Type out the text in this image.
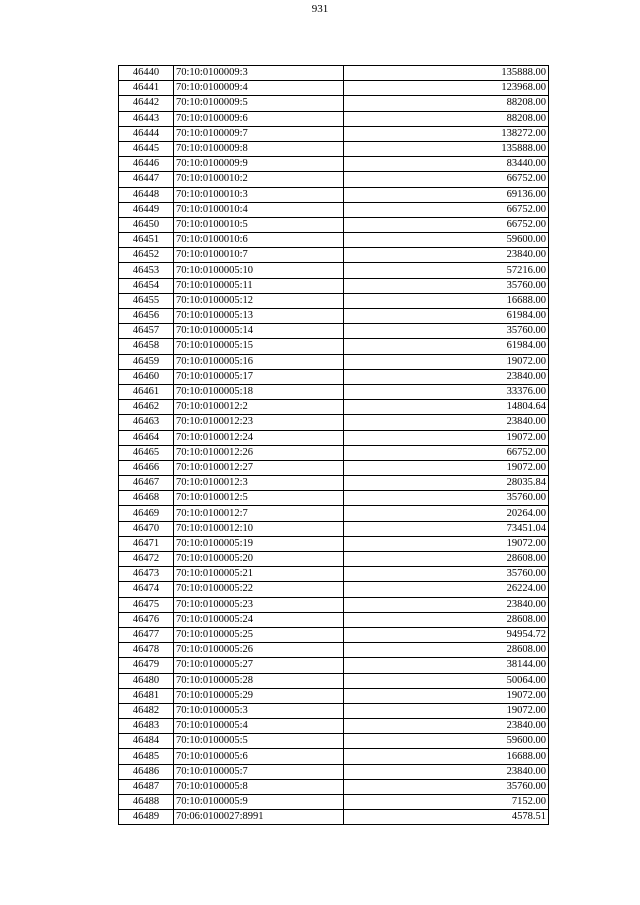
931
46440	70:10:0100009:3	135888.00
46441	70:10:0100009:4	123968.00
46442	70:10:0100009:5	88208.00
46443	70:10:0100009:6	88208.00
46444	70:10:0100009:7	138272.00
46445	70:10:0100009:8	135888.00
46446	70:10:0100009:9	83440.00
46447	70:10:0100010:2	66752.00
46448	70:10:0100010:3	69136.00
46449	70:10:0100010:4	66752.00
46450	70:10:0100010:5	66752.00
46451	70:10:0100010:6	59600.00
46452	70:10:0100010:7	23840.00
46453	70:10:0100005:10	57216.00
46454	70:10:0100005:11	35760.00
46455	70:10:0100005:12	16688.00
46456	70:10:0100005:13	61984.00
46457	70:10:0100005:14	35760.00
46458	70:10:0100005:15	61984.00
46459	70:10:0100005:16	19072.00
46460	70:10:0100005:17	23840.00
46461	70:10:0100005:18	33376.00
46462	70:10:0100012:2	14804.64
46463	70:10:0100012:23	23840.00
46464	70:10:0100012:24	19072.00
46465	70:10:0100012:26	66752.00
46466	70:10:0100012:27	19072.00
46467	70:10:0100012:3	28035.84
46468	70:10:0100012:5	35760.00
46469	70:10:0100012:7	20264.00
46470	70:10:0100012:10	73451.04
46471	70:10:0100005:19	19072.00
46472	70:10:0100005:20	28608.00
46473	70:10:0100005:21	35760.00
46474	70:10:0100005:22	26224.00
46475	70:10:0100005:23	23840.00
46476	70:10:0100005:24	28608.00
46477	70:10:0100005:25	94954.72
46478	70:10:0100005:26	28608.00
46479	70:10:0100005:27	38144.00
46480	70:10:0100005:28	50064.00
46481	70:10:0100005:29	19072.00
46482	70:10:0100005:3	19072.00
46483	70:10:0100005:4	23840.00
46484	70:10:0100005:5	59600.00
46485	70:10:0100005:6	16688.00
46486	70:10:0100005:7	23840.00
46487	70:10:0100005:8	35760.00
46488	70:10:0100005:9	7152.00
46489	70:06:0100027:8991	4578.51
